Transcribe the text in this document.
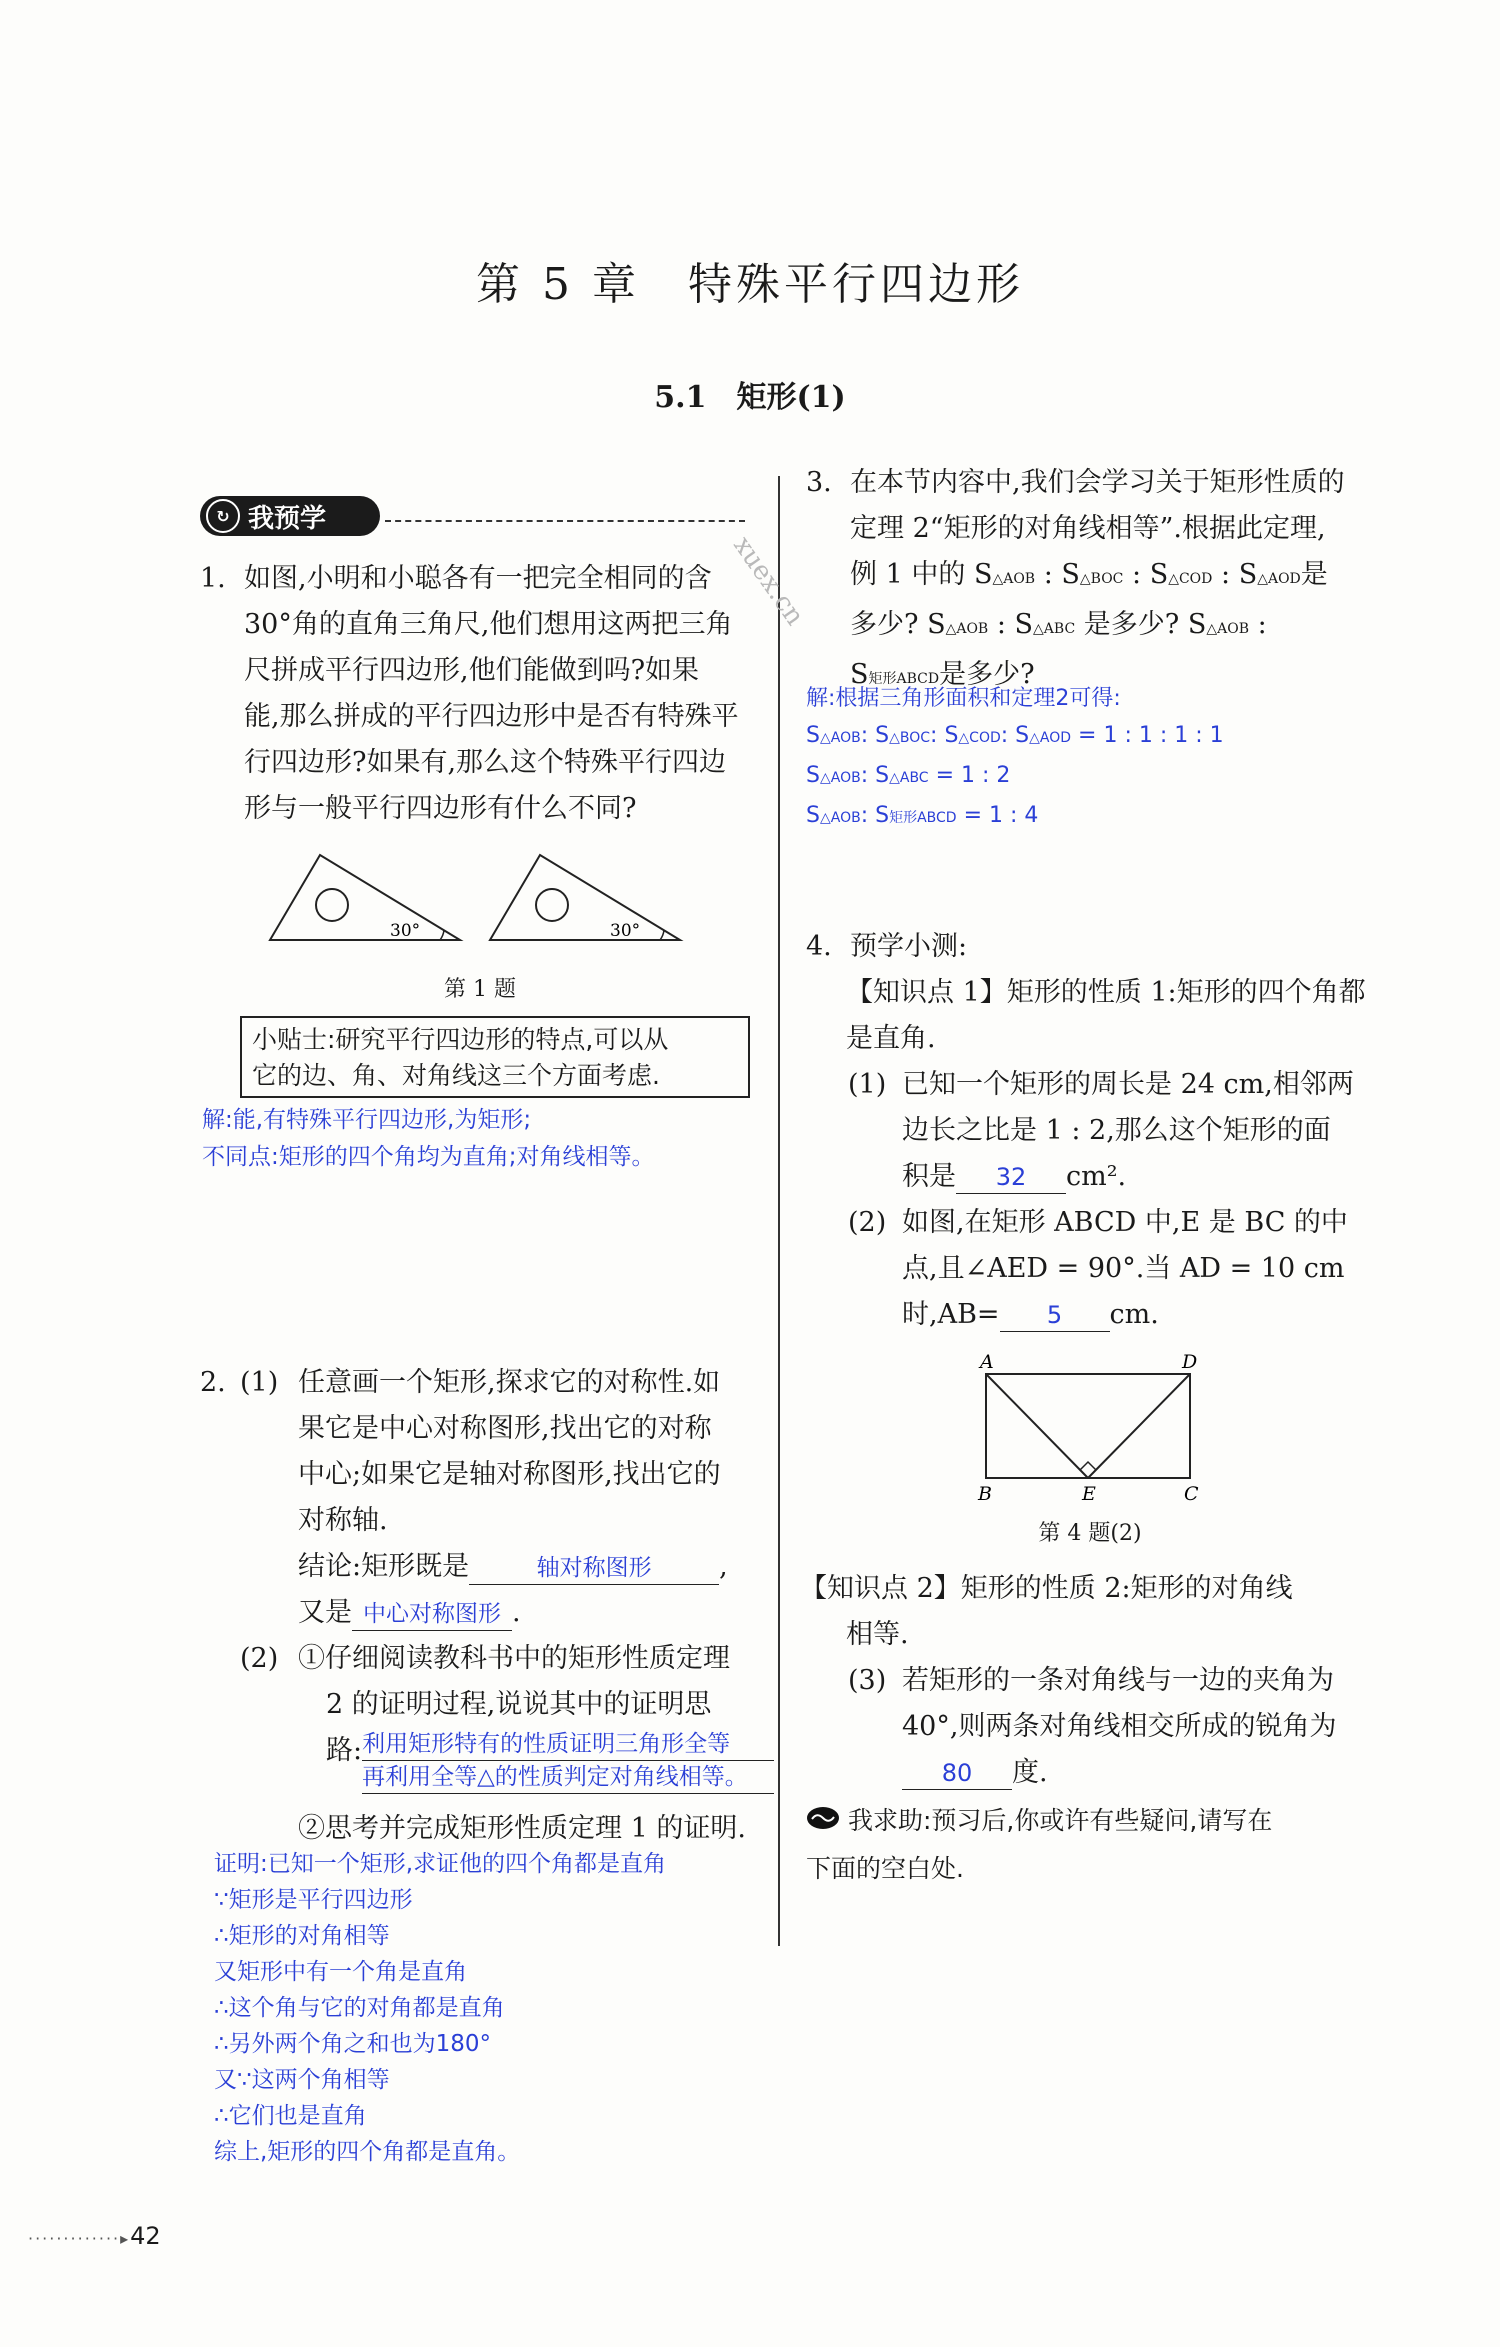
第 5 章　特殊平行四边形
5.1　矩形(1)
↻ 我预学
1. 如图,小明和小聪各有一把完全相同的含
30°角的直角三角尺,他们想用这两把三角
尺拼成平行四边形,他们能做到吗?如果
能,那么拼成的平行四边形中是否有特殊平
行四边形?如果有,那么这个特殊平行四边
形与一般平行四边形有什么不同?
30°	30°
第 1 题
小贴士:研究平行四边形的特点,可以从
它的边、角、对角线这三个方面考虑.
解:能,有特殊平行四边形,为矩形;
不同点:矩形的四个角均为直角;对角线相等。
2. (1) 任意画一个矩形,探求它的对称性.如
果它是中心对称图形,找出它的对称
中心;如果它是轴对称图形,找出它的
对称轴.
结论:矩形既是	轴对称图形	,
又是 中心对称图形 .
(2) ①仔细阅读教科书中的矩形性质定理
2 的证明过程,说说其中的证明思
路: 利用矩形特有的性质证明三角形全等
再利用全等△的性质判定对角线相等。
②思考并完成矩形性质定理 1 的证明.
证明:已知一个矩形,求证他的四个角都是直角
∵矩形是平行四边形
∴矩形的对角相等
又矩形中有一个角是直角
∴这个角与它的对角都是直角
∴另外两个角之和也为180°
又∵这两个角相等
∴它们也是直角
综上,矩形的四个角都是直角。
xuex.cn
3. 在本节内容中,我们会学习关于矩形性质的
定理 2“矩形的对角线相等”.根据此定理,
例 1 中的 S△AOB : S△BOC : S△COD : S△AOD是
多少? S△AOB : S△ABC 是多少? S△AOB :
S矩形ABCD是多少?
解:根据三角形面积和定理2可得:
S△AOB: S△BOC: S△COD: S△AOD = 1 : 1 : 1 : 1
S△AOB: S△ABC = 1 : 2
S△AOB: S矩形ABCD = 1 : 4
4. 预学小测:
【知识点 1】矩形的性质 1:矩形的四个角都
是直角.
(1) 已知一个矩形的周长是 24 cm,相邻两
边长之比是 1 : 2,那么这个矩形的面
积是 32 cm².
(2) 如图,在矩形 ABCD 中,E 是 BC 的中
点,且∠AED = 90°.当 AD = 10 cm
时,AB= 5 cm.
A	D
B	E	C
第 4 题(2)
【知识点 2】矩形的性质 2:矩形的对角线
相等.
(3) 若矩形的一条对角线与一边的夹角为
40°,则两条对角线相交所成的锐角为
80 度.
我求助:预习后,你或许有些疑问,请写在
下面的空白处.
·············▸42
